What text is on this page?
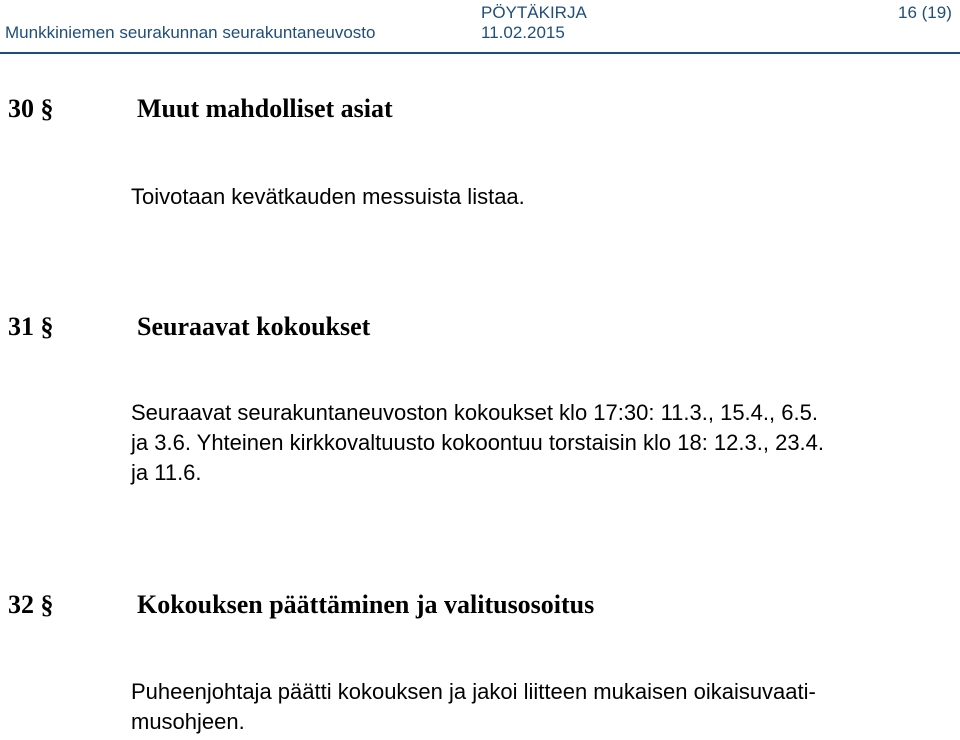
Munkkiniemen seurakunnan seurakuntaneuvosto
PÖYTÄKIRJA
11.02.2015
16 (19)
30 §	Muut mahdolliset asiat
Toivotaan kevätkauden messuista listaa.
31 §	Seuraavat kokoukset
Seuraavat seurakuntaneuvoston kokoukset klo 17:30: 11.3., 15.4., 6.5.
ja 3.6. Yhteinen kirkkovaltuusto kokoontuu torstaisin klo 18: 12.3., 23.4.
ja 11.6.
32 §	Kokouksen päättäminen ja valitusosoitus
Puheenjohtaja päätti kokouksen ja jakoi liitteen mukaisen oikaisuvaati-
musohjeen.
